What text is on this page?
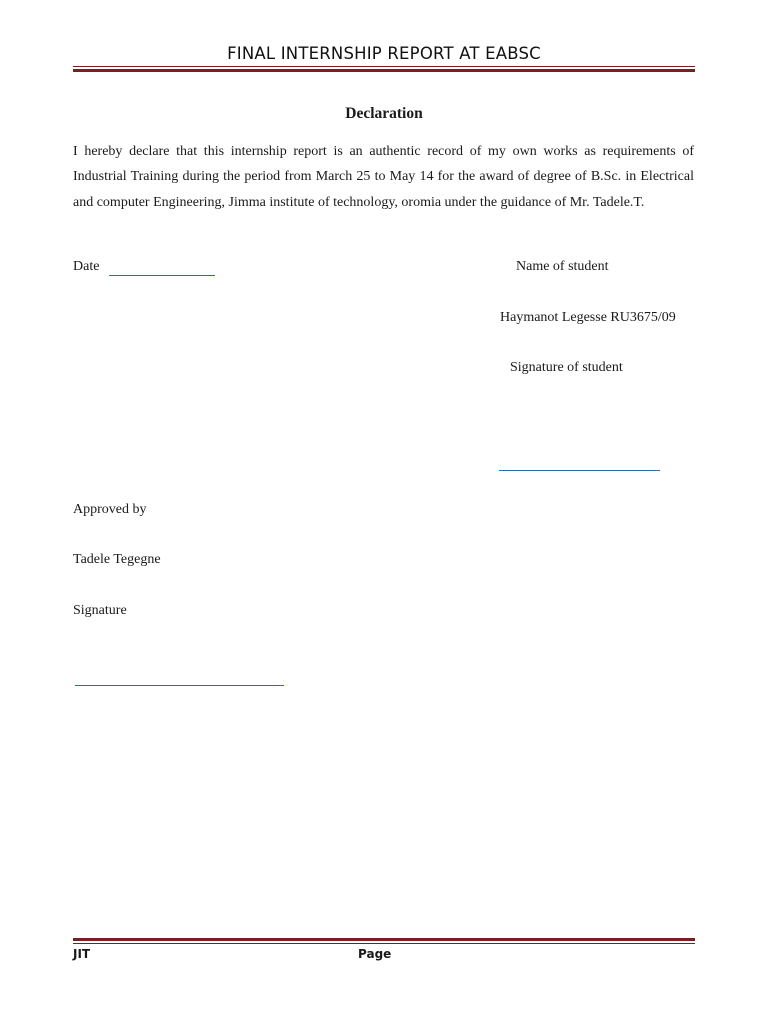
FINAL INTERNSHIP REPORT AT EABSC
Declaration
I hereby declare that this internship report is an authentic record of my own works as requirements of Industrial Training during the period from March 25 to May 14 for the award of degree of B.Sc. in Electrical and computer Engineering, Jimma institute of technology, oromia under the guidance of Mr. Tadele.T.
Date	Name of student
Haymanot Legesse RU3675/09
Signature of student
Approved by
Tadele Tegegne
Signature
JIT	Page
